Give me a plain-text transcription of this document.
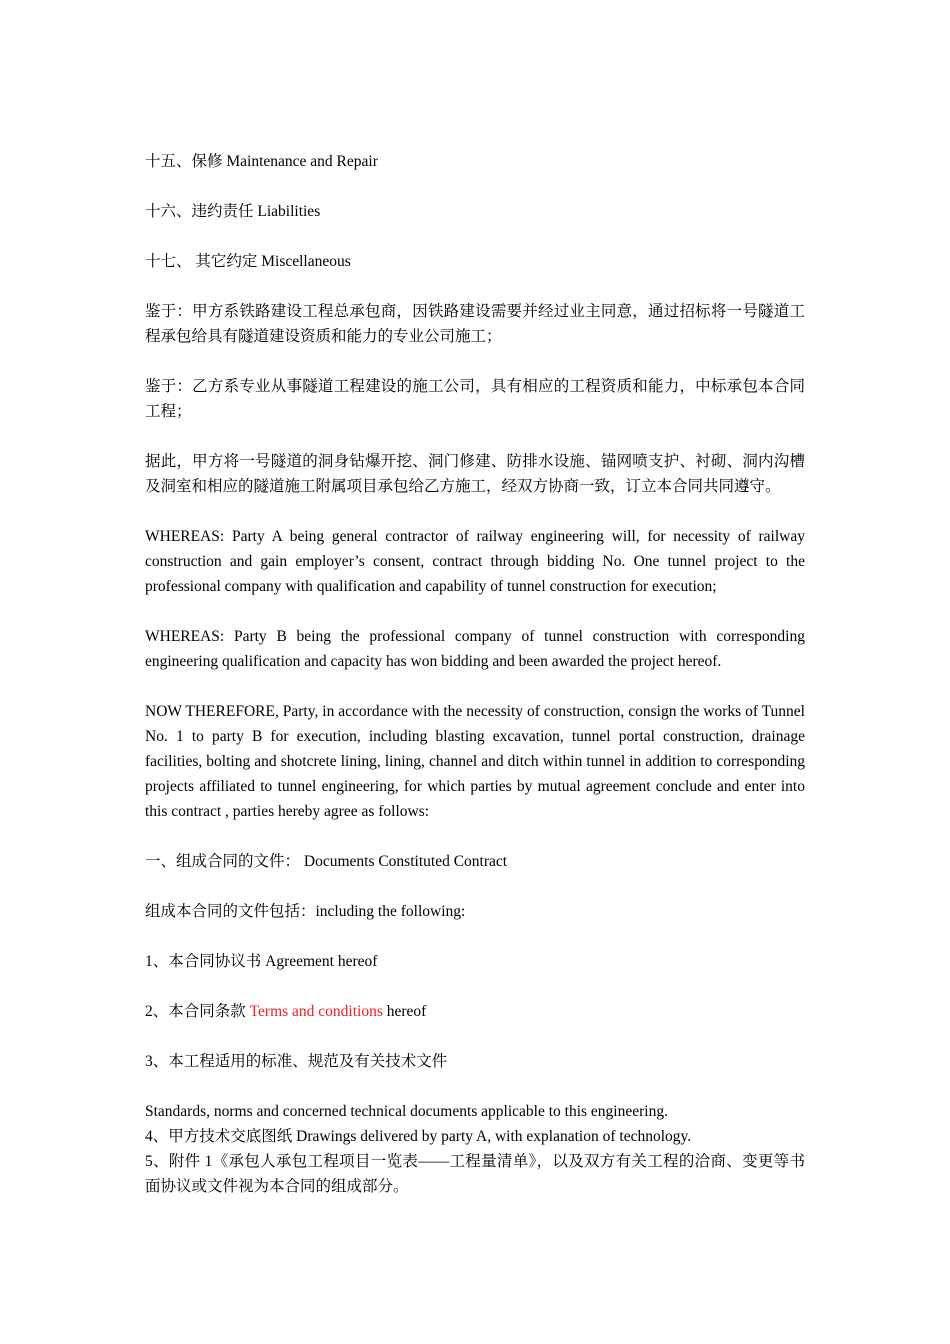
十五、保修 Maintenance and Repair

十六、违约责任 Liabilities

十七、 其它约定 Miscellaneous

鉴于：甲方系铁路建设工程总承包商，因铁路建设需要并经过业主同意，通过招标将一号隧道工程承包给具有隧道建设资质和能力的专业公司施工；

鉴于：乙方系专业从事隧道工程建设的施工公司，具有相应的工程资质和能力，中标承包本合同工程；

据此，甲方将一号隧道的洞身钻爆开挖、洞门修建、防排水设施、锚网喷支护、衬砌、洞内沟槽及洞室和相应的隧道施工附属项目承包给乙方施工，经双方协商一致，订立本合同共同遵守。

WHEREAS: Party A being general contractor of railway engineering will, for necessity of railway construction and gain employer’s consent, contract through bidding No. One tunnel project to the professional company with qualification and capability of tunnel construction for execution;

WHEREAS: Party B being the professional company of tunnel construction with corresponding engineering qualification and capacity has won bidding and been awarded the project hereof.

NOW THEREFORE, Party, in accordance with the necessity of construction, consign the works of Tunnel No. 1 to party B for execution, including blasting excavation, tunnel portal construction, drainage facilities, bolting and shotcrete lining, lining, channel and ditch within tunnel in addition to corresponding projects affiliated to tunnel engineering, for which parties by mutual agreement conclude and enter into this contract , parties hereby agree as follows:

一、组成合同的文件： Documents Constituted Contract

组成本合同的文件包括：including the following:

1、本合同协议书 Agreement hereof

2、本合同条款 Terms and conditions hereof

3、本工程适用的标准、规范及有关技术文件

Standards, norms and concerned technical documents applicable to this engineering.

4、甲方技术交底图纸 Drawings delivered by party A, with explanation of technology.

5、附件 1《承包人承包工程项目一览表——工程量清单》，以及双方有关工程的洽商、变更等书面协议或文件视为本合同的组成部分。
